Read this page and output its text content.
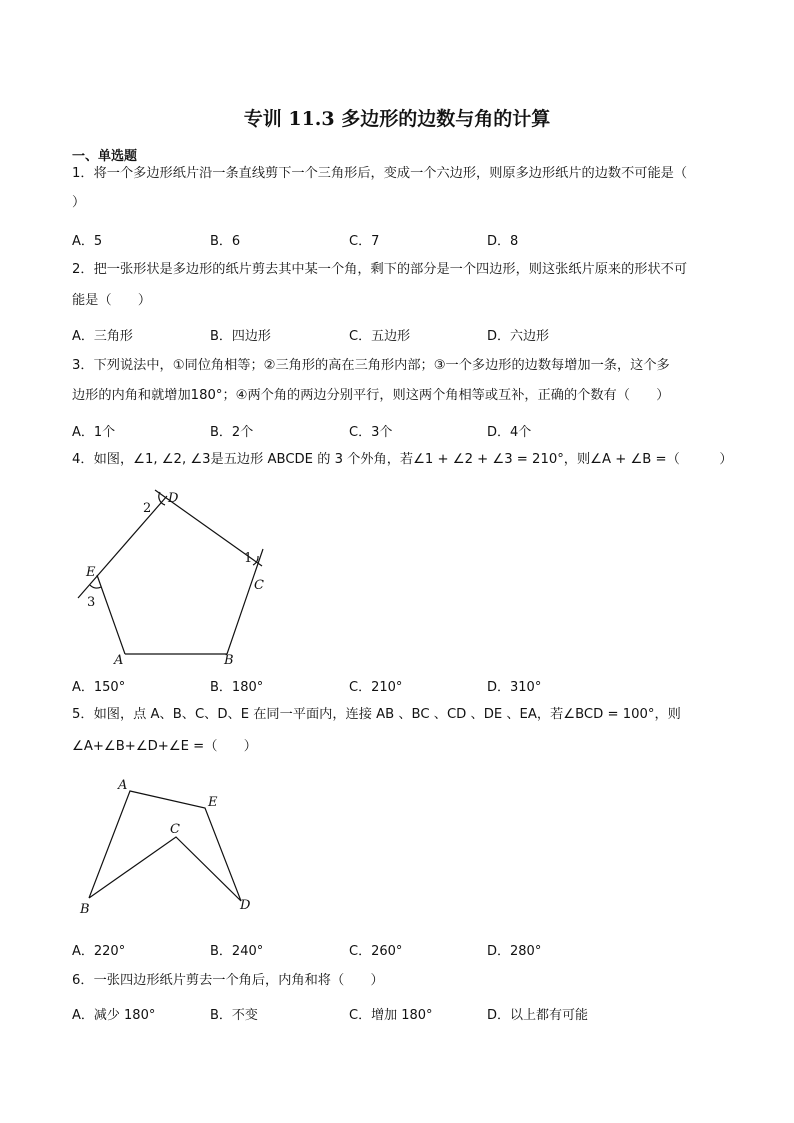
专训 11.3 多边形的边数与角的计算
一、单选题
1．将一个多边形纸片沿一条直线剪下一个三角形后，变成一个六边形，则原多边形纸片的边数不可能是（
）
A．5	B．6	C．7	D．8
2．把一张形状是多边形的纸片剪去其中某一个角，剩下的部分是一个四边形，则这张纸片原来的形状不可
能是（　　）
A．三角形	B．四边形	C．五边形	D．六边形
3．下列说法中，①同位角相等；②三角形的高在三角形内部；③一个多边形的边数每增加一条，这个多
边形的内角和就增加180°；④两个角的两边分别平行，则这两个角相等或互补，正确的个数有（　　）
A．1个	B．2个	C．3个	D．4个
4．如图，∠1, ∠2, ∠3是五边形 ABCDE 的 3 个外角，若∠1 + ∠2 + ∠3 = 210°，则∠A + ∠B =（　　　）
D
2
1
C
E
3
A	B
A．150°	B．180°	C．210°	D．310°
5．如图，点 A、B、C、D、E 在同一平面内，连接 AB 、BC 、CD 、DE 、EA，若∠BCD = 100°，则
∠A+∠B+∠D+∠E =（　　）
A
E
C
B	D
A．220°	B．240°	C．260°	D．280°
6．一张四边形纸片剪去一个角后，内角和将（　　）
A．减少 180°	B．不变	C．增加 180°	D．以上都有可能
